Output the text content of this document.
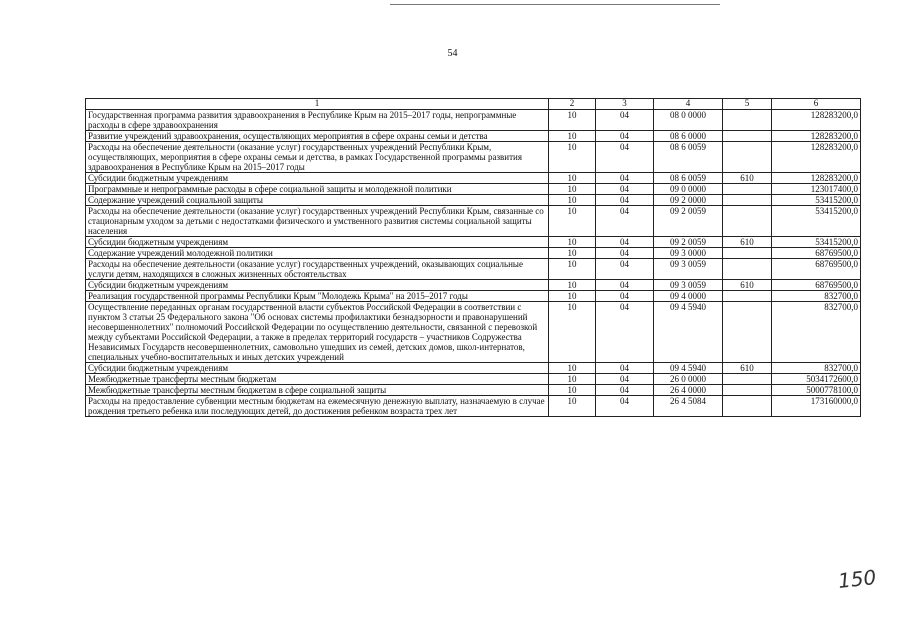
54
1	2	3	4	5	6
Государственная программа развития здравоохранения в Республике Крым на 2015–2017 годы, непрограммные расходы в сфере здравоохранения	10	04	08 0 0000		128283200,0
Развитие учреждений здравоохранения, осуществляющих мероприятия в сфере охраны семьи и детства	10	04	08 6 0000		128283200,0
Расходы на обеспечение деятельности (оказание услуг) государственных учреждений Республики Крым, осуществляющих, мероприятия в сфере охраны семьи и детства, в рамках Государственной программы развития здравоохранения в Республике Крым на 2015–2017 годы	10	04	08 6 0059		128283200,0
Субсидии бюджетным учреждениям	10	04	08 6 0059	610	128283200,0
Программные и непрограммные расходы в сфере социальной защиты и молодежной политики	10	04	09 0 0000		123017400,0
Содержание учреждений социальной защиты	10	04	09 2 0000		53415200,0
Расходы на обеспечение деятельности (оказание услуг) государственных учреждений Республики Крым, связанные со стационарным уходом за детьми с недостатками физического и умственного развития системы социальной защиты населения	10	04	09 2 0059		53415200,0
Субсидии бюджетным учреждениям	10	04	09 2 0059	610	53415200,0
Содержание учреждений молодежной политики	10	04	09 3 0000		68769500,0
Расходы на обеспечение деятельности (оказание услуг) государственных учреждений, оказывающих социальные услуги детям, находящихся в сложных жизненных обстоятельствах	10	04	09 3 0059		68769500,0
Субсидии бюджетным учреждениям	10	04	09 3 0059	610	68769500,0
Реализация государственной программы Республики Крым "Молодежь Крыма" на 2015–2017 годы	10	04	09 4 0000		832700,0
Осуществление переданных органам государственной власти субъектов Российской Федерации в соответствии с пунктом 3 статьи 25 Федерального закона "Об основах системы профилактики безнадзорности и правонарушений несовершеннолетних" полномочий Российской Федерации по осуществлению деятельности, связанной с перевозкой между субъектами Российской Федерации, а также в пределах территорий государств – участников Содружества Независимых Государств несовершеннолетних, самовольно ушедших из семей, детских домов, школ-интернатов, специальных учебно-воспитательных и иных детских учреждений	10	04	09 4 5940		832700,0
Субсидии бюджетным учреждениям	10	04	09 4 5940	610	832700,0
Межбюджетные трансферты местным бюджетам	10	04	26 0 0000		5034172600,0
Межбюджетные трансферты местным бюджетам в сфере социальной защиты	10	04	26 4 0000		5000778100,0
Расходы на предоставление субвенции местным бюджетам на ежемесячную денежную выплату, назначаемую в случае рождения третьего ребенка или последующих детей, до достижения ребенком возраста трех лет	10	04	26 4 5084		173160000,0
150
